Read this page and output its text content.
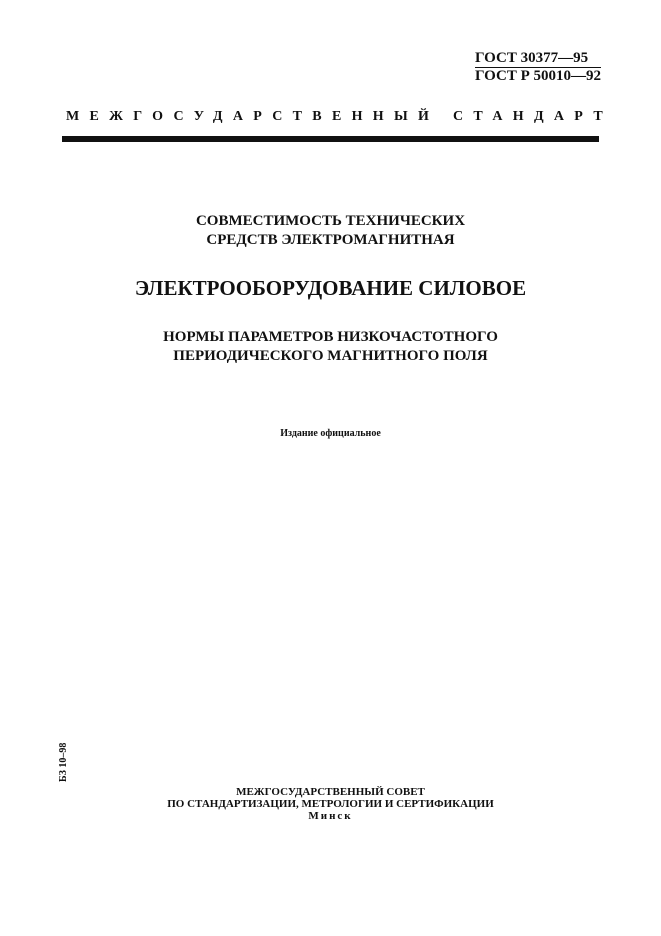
ГОСТ 30377—95
ГОСТ Р 50010—92
МЕЖГОСУДАРСТВЕННЫЙ СТАНДАРТ
СОВМЕСТИМОСТЬ ТЕХНИЧЕСКИХ
СРЕДСТВ ЭЛЕКТРОМАГНИТНАЯ
ЭЛЕКТРООБОРУДОВАНИЕ СИЛОВОЕ
НОРМЫ ПАРАМЕТРОВ НИЗКОЧАСТОТНОГО
ПЕРИОДИЧЕСКОГО МАГНИТНОГО ПОЛЯ
Издание официальное
БЗ 10–98
МЕЖГОСУДАРСТВЕННЫЙ СОВЕТ
ПО СТАНДАРТИЗАЦИИ, МЕТРОЛОГИИ И СЕРТИФИКАЦИИ
Минск
